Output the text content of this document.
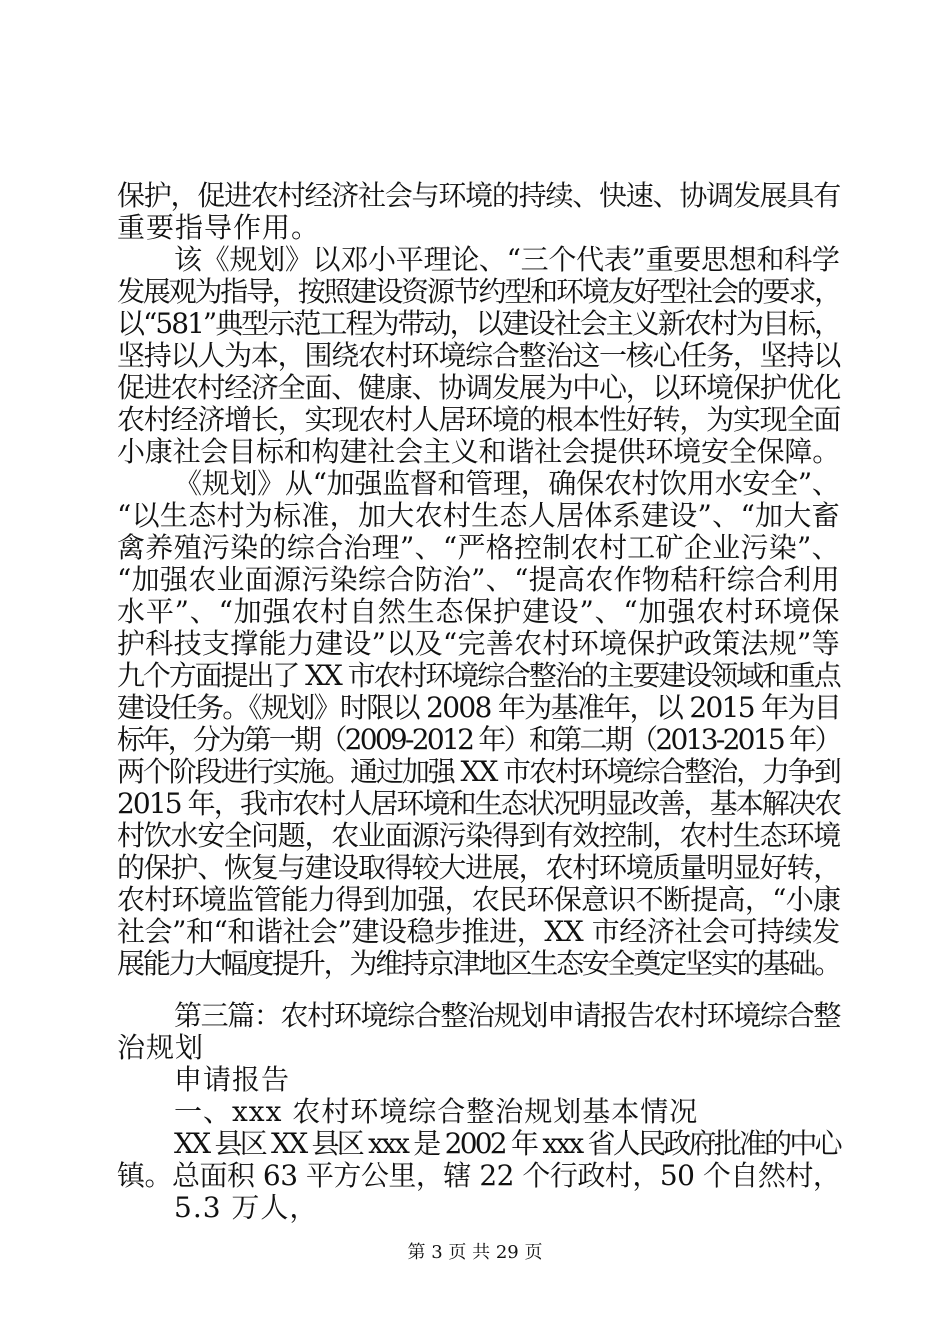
保护，促进农村经济社会与环境的持续、快速、协调发展具有
重要指导作用。
该《规划》以邓小平理论、“三个代表”重要思想和科学
发展观为指导，按照建设资源节约型和环境友好型社会的要求，
以“581”典型示范工程为带动，以建设社会主义新农村为目标，
坚持以人为本，围绕农村环境综合整治这一核心任务，坚持以
促进农村经济全面、健康、协调发展为中心，以环境保护优化
农村经济增长，实现农村人居环境的根本性好转，为实现全面
小康社会目标和构建社会主义和谐社会提供环境安全保障。
《规划》从“加强监督和管理，确保农村饮用水安全”、
“以生态村为标准，加大农村生态人居体系建设”、“加大畜
禽养殖污染的综合治理”、“严格控制农村工矿企业污染”、
“加强农业面源污染综合防治”、“提高农作物秸秆综合利用
水平”、“加强农村自然生态保护建设”、“加强农村环境保
护科技支撑能力建设”以及“完善农村环境保护政策法规”等
九个方面提出了 XX 市农村环境综合整治的主要建设领域和重点
建设任务。《规划》时限以 2008 年为基准年，以 2015 年为目
标年，分为第一期（2009-2012 年）和第二期（2013-2015 年）
两个阶段进行实施。通过加强 XX 市农村环境综合整治，力争到
2015 年，我市农村人居环境和生态状况明显改善，基本解决农
村饮水安全问题，农业面源污染得到有效控制，农村生态环境
的保护、恢复与建设取得较大进展，农村环境质量明显好转，
农村环境监管能力得到加强，农民环保意识不断提高，“小康
社会”和“和谐社会”建设稳步推进，XX 市经济社会可持续发
展能力大幅度提升，为维持京津地区生态安全奠定坚实的基础。
第三篇：农村环境综合整治规划申请报告农村环境综合整
治规划
申请报告
一、xxx 农村环境综合整治规划基本情况
XX 县区 XX 县区 xxx 是 2002 年 xxx 省人民政府批准的中心
镇。总面积 63 平方公里，辖 22 个行政村，50 个自然村，
5.3 万人，
第 3 页 共 29 页
